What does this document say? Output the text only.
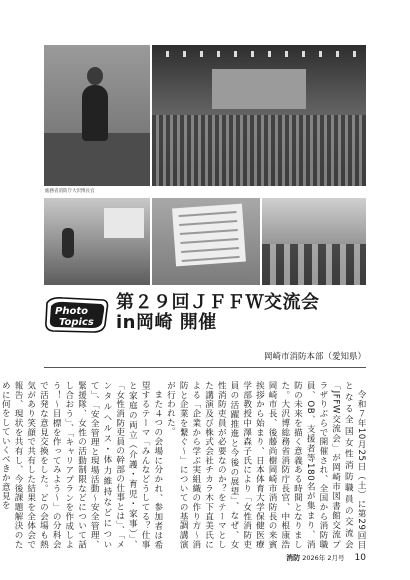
総務省消防庁大沢博長官
Photo
Topics
第２９回ＪＦＦＷ交流会
in岡崎 開催
岡崎市消防本部（愛知県）

令和７年10月25日（土）に第29回目となる全国女性消防職員の交流会「JFFW交流会」が岡崎市図書館交流プラザりぶらで開催され、全国から消防職員、OB、支援者等180名が集まり、消防の未来を描く意義ある時間となりました。大沢博総務省消防庁長官、中根康浩岡崎市長、後藤尚樹岡崎市消防長の来賓挨拶から始まり、日本体育大学保健医療学部教授中澤森子氏により「女性消防吏員の活躍推進と今後の展望」、なぜ、女性消防吏員が必要なのか？をテーマとした講演及び株式会社チカラ木下直美氏による「企業から学ぶ実組織の作り方～消防と企業を繋ぐ～」についての基調講演が行われた。

また４つの会場に分かれ、参加者は希望するテーマ「みんなどうしてる？仕事と家庭の両立（介護・育児・家事）」、「女性消防吏員の幹部の仕事とは」、「メンタルヘルス・体力維持などについて」、「安全管理と現場活動～安全管理、緊援隊、女性の活動制限などについて話し合おう」、「キャリアプランを作成しよう！～目標を作ってみよう～」の分科会で活発な意見交換をした。どの会場も熱気があり笑顔で共有した結果を全体会で報告、現状を共有し、今後課題解決のために何をしていくべきか意見を

消防 2026年 2月号 10
